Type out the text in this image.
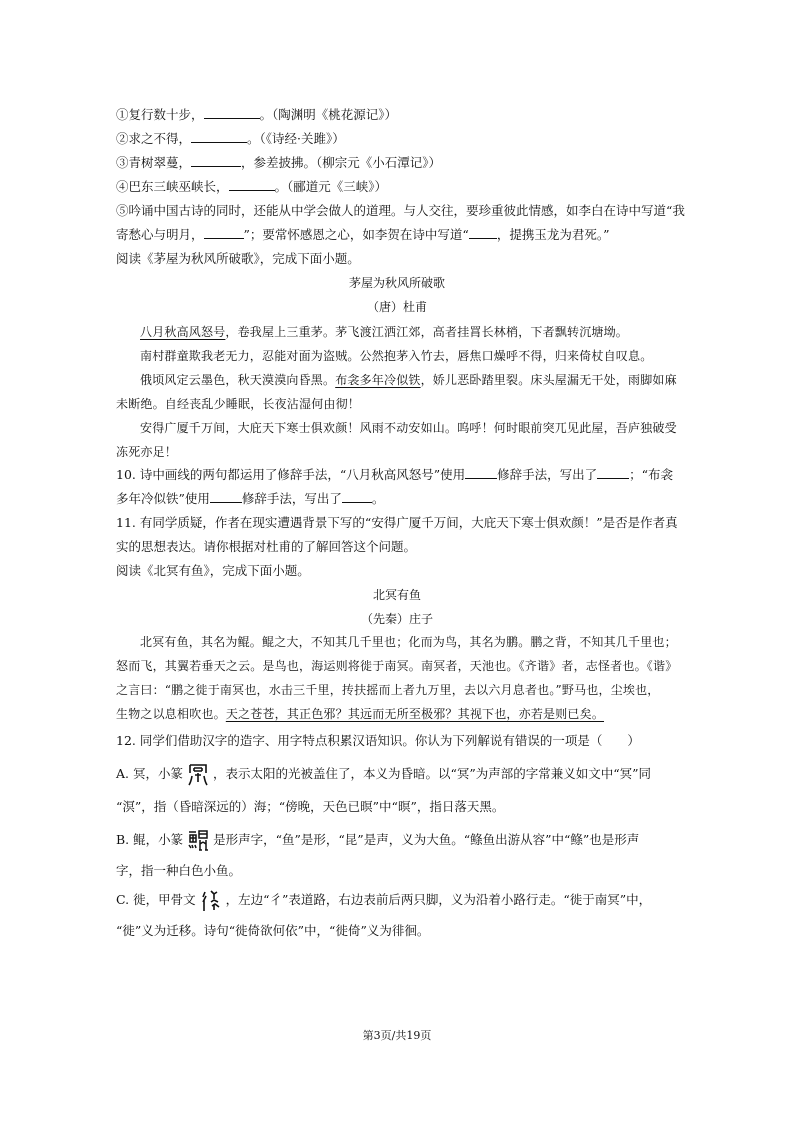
①复行数十步，	。（陶渊明《桃花源记》）
②求之不得，	。（《诗经·关雎》）
③青树翠蔓，	，参差披拂。（柳宗元《小石潭记》）
④巴东三峡巫峡长，	。（郦道元《三峡》）
⑤吟诵中国古诗的同时，还能从中学会做人的道理。与人交往，要珍重彼此情感，如李白在诗中写道“我
寄愁心与明月，	”；要常怀感恩之心，如李贺在诗中写道“ ，提携玉龙为君死。”
阅读《茅屋为秋风所破歌》，完成下面小题。
茅屋为秋风所破歌
（唐）杜甫

八月秋高风怒号，卷我屋上三重茅。茅飞渡江洒江郊，高者挂罥长林梢，下者飘转沉塘坳。

南村群童欺我老无力，忍能对面为盗贼。公然抱茅入竹去，唇焦口燥呼不得，归来倚杖自叹息。

俄顷风定云墨色，秋天漠漠向昏黑。布衾多年冷似铁，娇儿恶卧踏里裂。床头屋漏无干处，雨脚如麻

未断绝。自经丧乱少睡眠，长夜沾湿何由彻！

安得广厦千万间，大庇天下寒士俱欢颜！风雨不动安如山。呜呼！何时眼前突兀见此屋，吾庐独破受

冻死亦足！

10. 诗中画线的两句都运用了修辞手法，“八月秋高风怒号”使用	修辞手法，写出了	；“布衾
多年冷似铁”使用	修辞手法，写出了 。
11. 有同学质疑，作者在现实遭遇背景下写的“安得广厦千万间，大庇天下寒士俱欢颜！”是否是作者真
实的思想表达。请你根据对杜甫的了解回答这个问题。
阅读《北冥有鱼》，完成下面小题。
北冥有鱼
（先秦）庄子

北冥有鱼，其名为鲲。鲲之大，不知其几千里也；化而为鸟，其名为鹏。鹏之背，不知其几千里也；

怒而飞，其翼若垂天之云。是鸟也，海运则将徙于南冥。南冥者，天池也。《齐谐》者，志怪者也。《谐》

之言曰：“鹏之徙于南冥也，水击三千里，抟扶摇而上者九万里，去以六月息者也。”野马也，尘埃也，

生物之以息相吹也。天之苍苍，其正色邪？其远而无所至极邪？其视下也，亦若是则已矣。

12. 同学们借助汉字的造字、用字特点积累汉语知识。你认为下列解说有错误的一项是（　　）
A. 冥，小篆 ，表示太阳的光被盖住了，本义为昏暗。以“冥”为声部的字常兼义如文中“冥”同
“溟”，指（昏暗深远的）海；“傍晚，天色已暝”中“暝”，指日落天黑。
B. 鲲，小篆 是形声字，“鱼”是形，“昆”是声，义为大鱼。“鲦鱼出游从容”中“鲦”也是形声
字，指一种白色小鱼。
C. 徙，甲骨文 ，左边“彳”表道路，右边表前后两只脚，义为沿着小路行走。“徙于南冥”中，
“徙”义为迁移。诗句“徙倚欲何依”中，“徙倚”义为徘徊。
第3页/共19页
